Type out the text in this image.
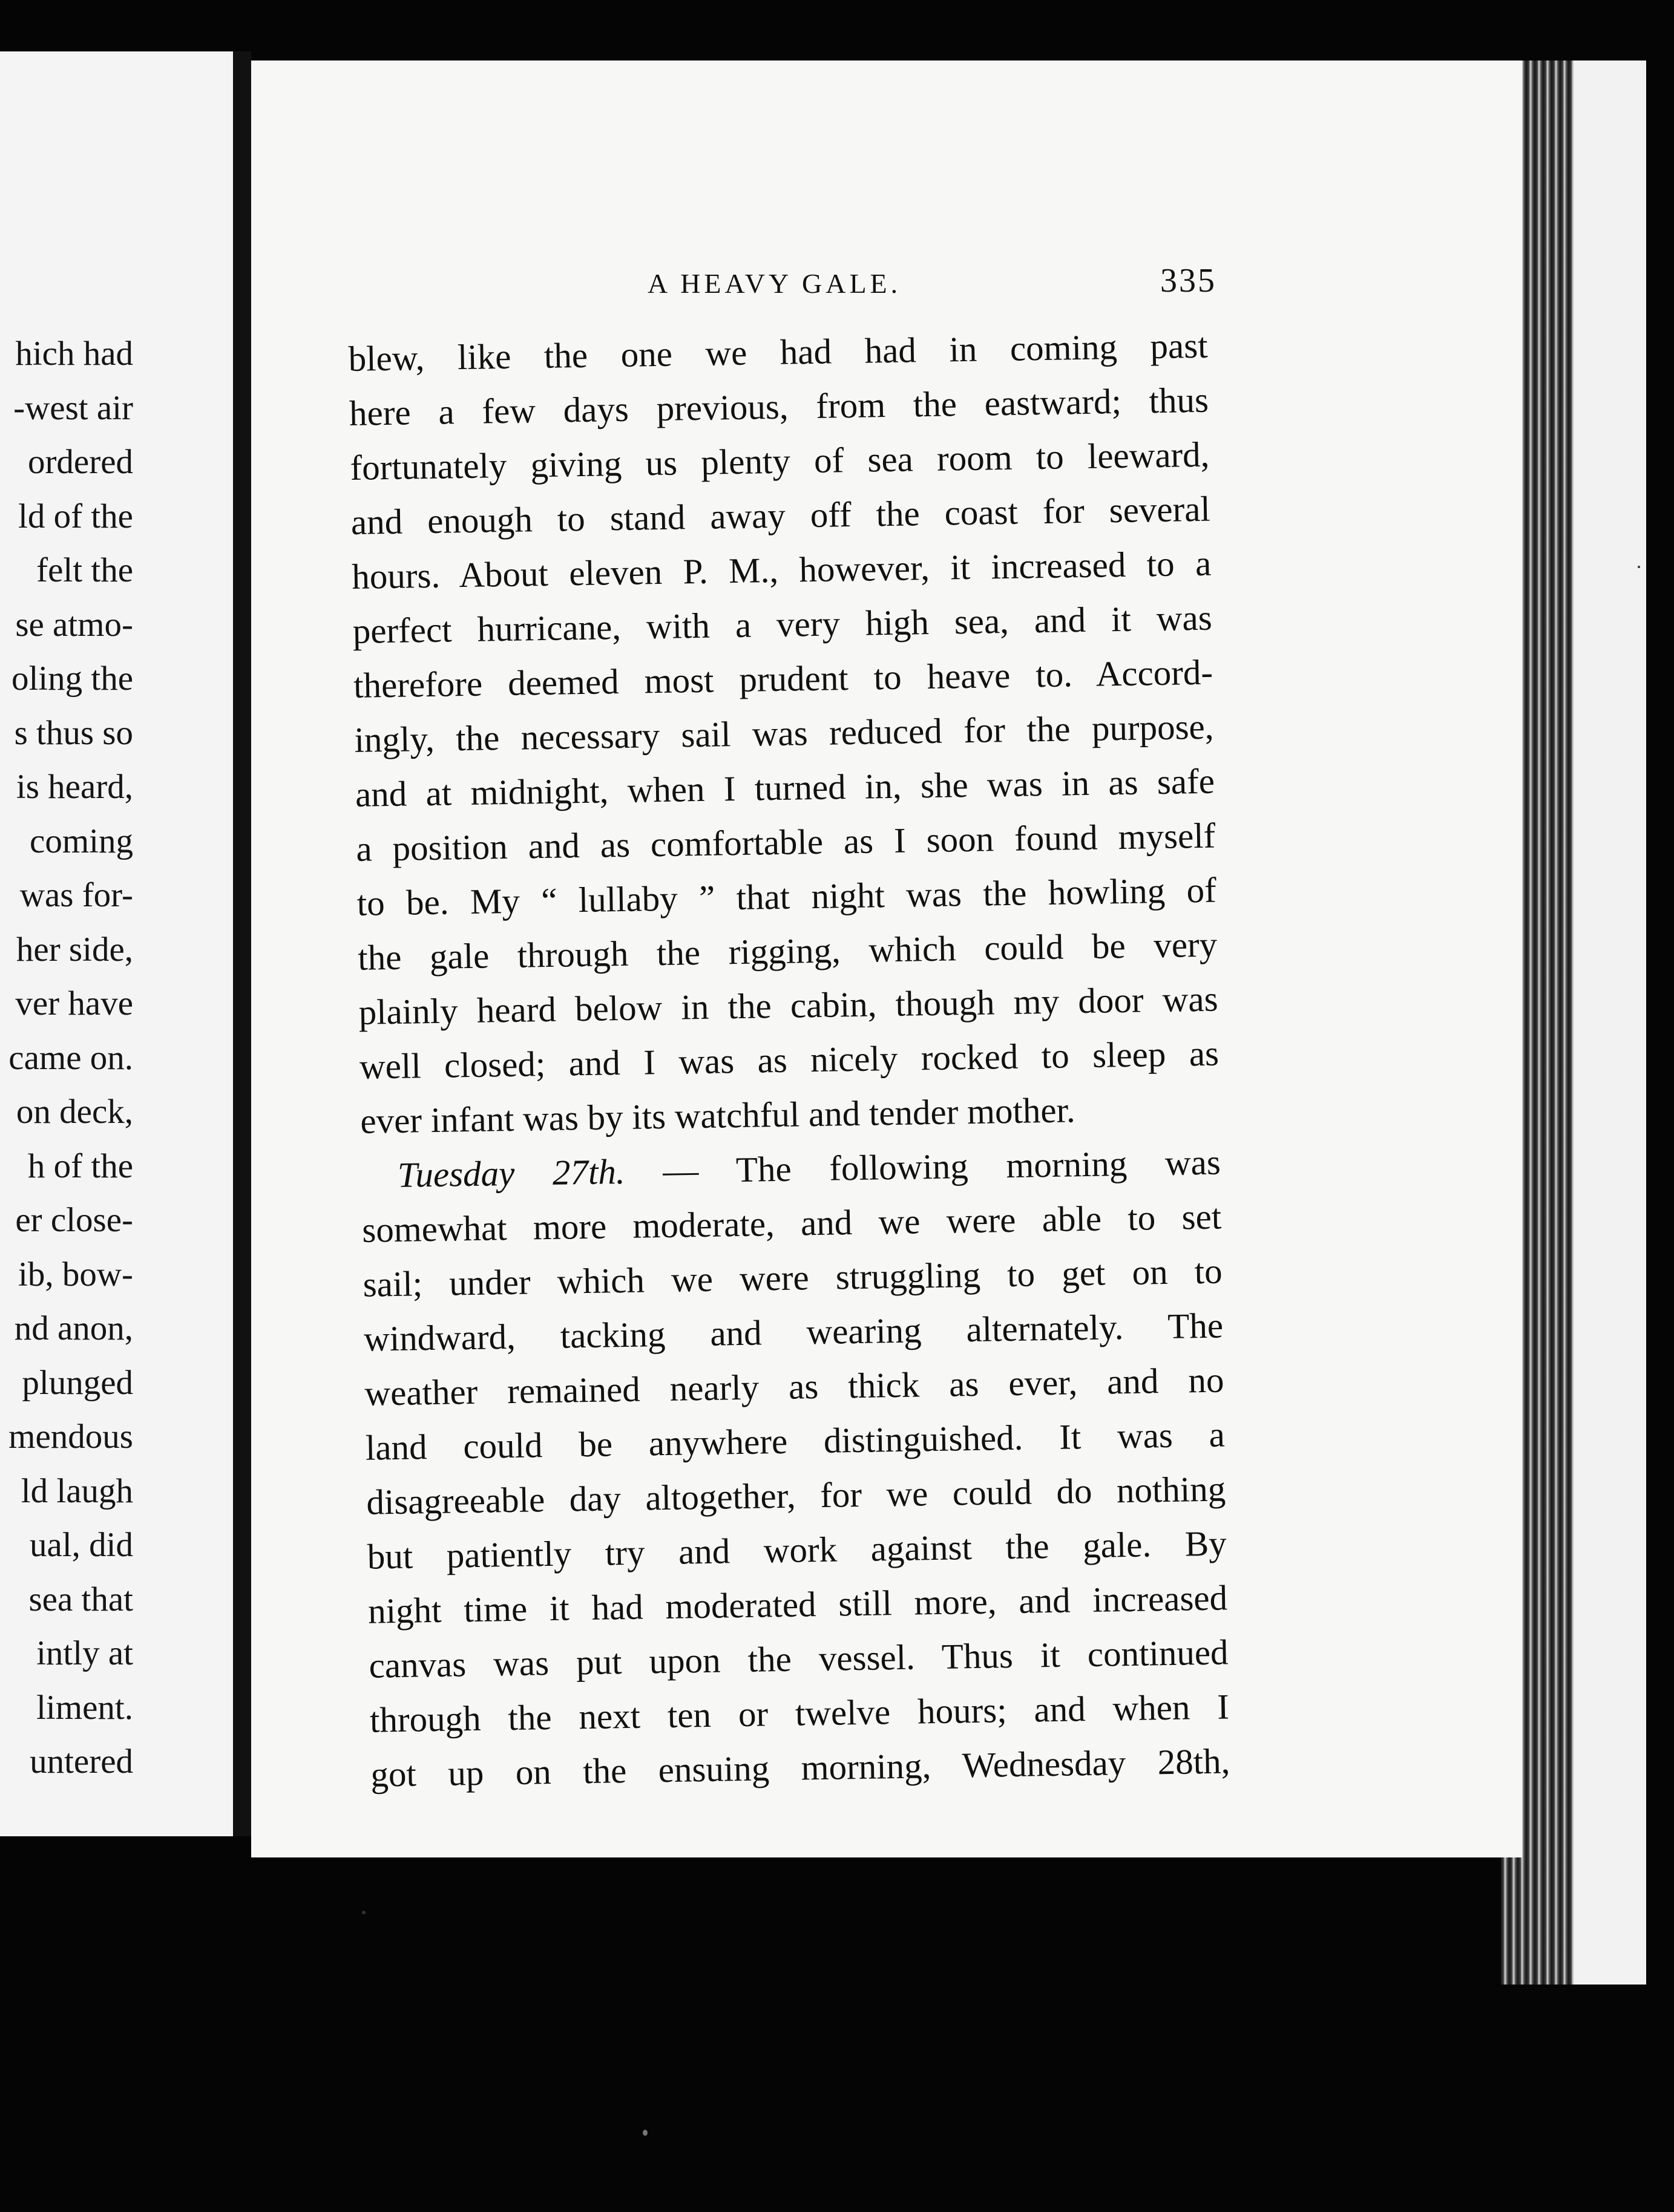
hich had
-west air
ordered
ld of the
felt the
se atmo-
oling the
s thus so
is heard,
coming
was for-
her side,
ver have
came on.
on deck,
h of the
er close-
ib, bow-
nd anon,
plunged
mendous
ld laugh
ual, did
sea that
intly at
liment.
untered
A HEAVY GALE.	335
blew, like the one we had had in coming past
here a few days previous, from the eastward; thus
fortunately giving us plenty of sea room to leeward,
and enough to stand away off the coast for several
hours. About eleven P. M., however, it increased to a
perfect hurricane, with a very high sea, and it was
therefore deemed most prudent to heave to. Accord-
ingly, the necessary sail was reduced for the purpose,
and at midnight, when I turned in, she was in as safe
a position and as comfortable as I soon found myself
to be. My “ lullaby ” that night was the howling of
the gale through the rigging, which could be very
plainly heard below in the cabin, though my door was
well closed; and I was as nicely rocked to sleep as
ever infant was by its watchful and tender mother.
Tuesday 27th. — The following morning was
somewhat more moderate, and we were able to set
sail; under which we were struggling to get on to
windward, tacking and wearing alternately. The
weather remained nearly as thick as ever, and no
land could be anywhere distinguished. It was a
disagreeable day altogether, for we could do nothing
but patiently try and work against the gale. By
night time it had moderated still more, and increased
canvas was put upon the vessel. Thus it continued
through the next ten or twelve hours; and when I
got up on the ensuing morning, Wednesday 28th,
